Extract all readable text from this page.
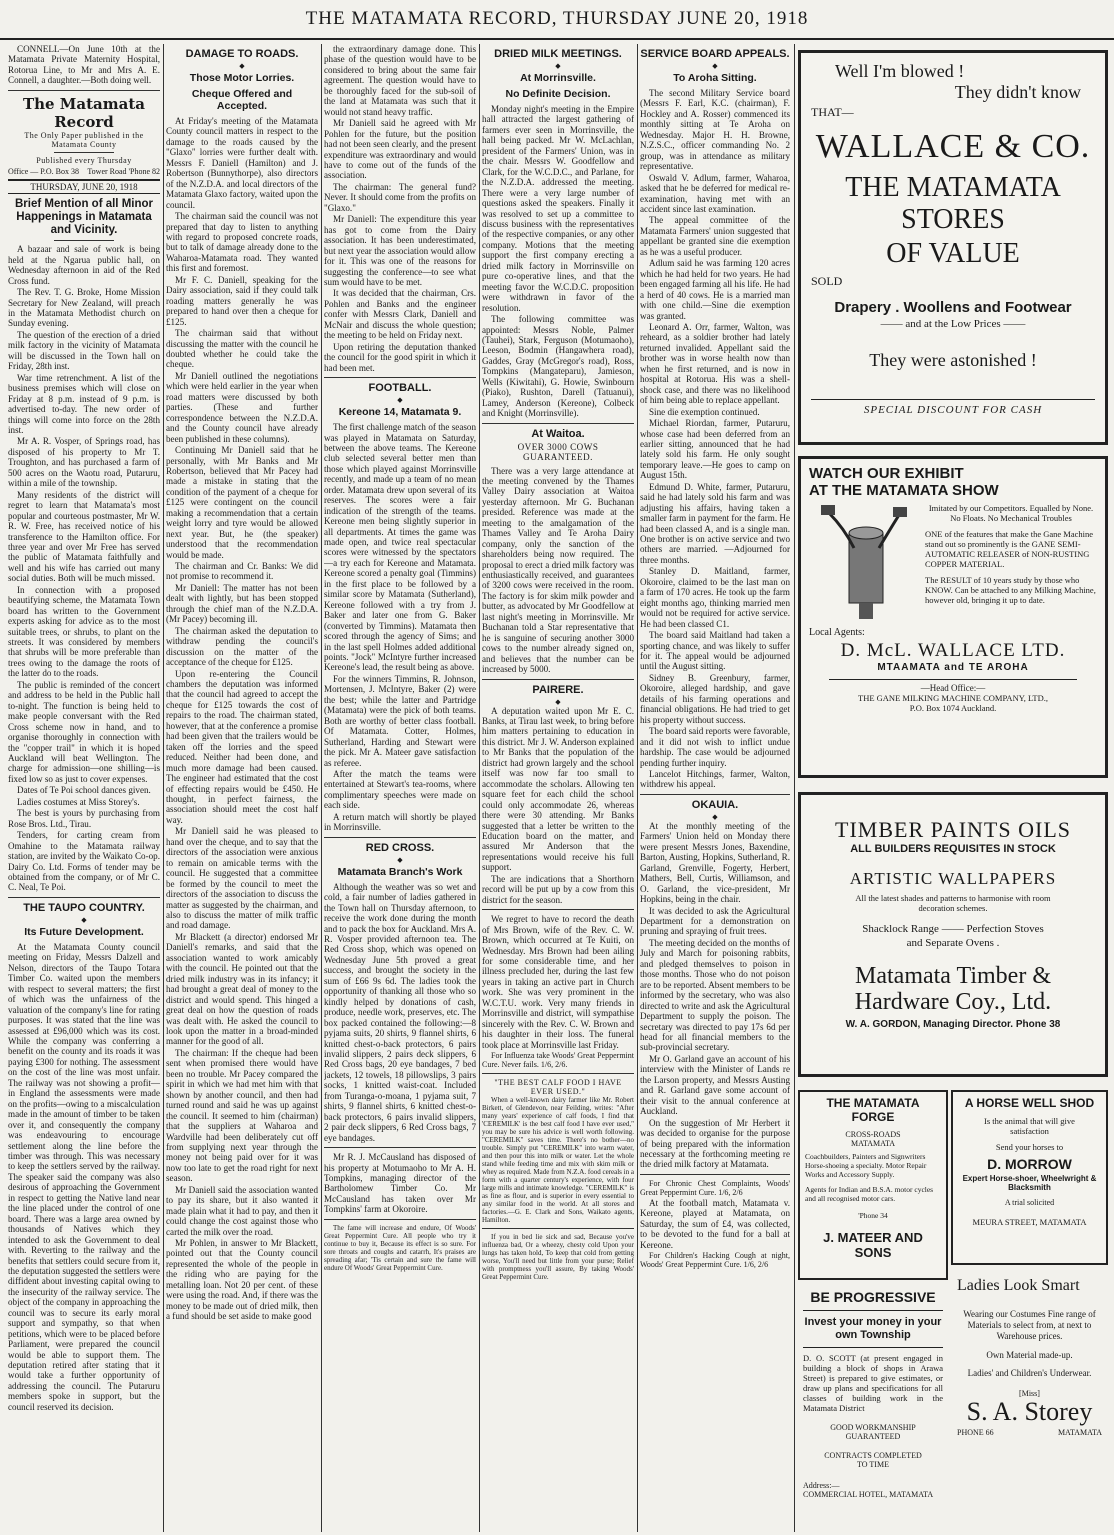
THE MATAMATA RECORD, THURSDAY JUNE 20, 1918

CONNELL—On June 10th at the Matamata Private Maternity Hospital, Rotorua Line, to Mr and Mrs A. E. Connell, a daughter.—Both doing well.

The Matamata Record
The Only Paper published in the Matamata County
Published every Thursday
Office — P.O. Box 38 Tower Road 'Phone 82
THURSDAY, JUNE 20, 1918
Brief Mention of all Minor Happenings in Matamata and Vicinity.

A bazaar and sale of work is being held at the Ngarua public hall, on Wednesday afternoon in aid of the Red Cross fund.

The Rev. T. G. Broke, Home Mission Secretary for New Zealand, will preach in the Matamata Methodist church on Sunday evening.

The question of the erection of a dried milk factory in the vicinity of Matamata will be discussed in the Town hall on Friday, 28th inst.

War time retrenchment. A list of the business premises which will close on Friday at 8 p.m. instead of 9 p.m. is advertised to-day. The new order of things will come into force on the 28th inst.

Mr A. R. Vosper, of Springs road, has disposed of his property to Mr T. Troughton, and has purchased a farm of 500 acres on the Waotu road, Putaruru, within a mile of the township.

Many residents of the district will regret to learn that Matamata's most popular and courteous postmaster, Mr W. R. W. Free, has received notice of his transference to the Hamilton office. For three year and over Mr Free has served the public of Matamata faithfully and well and his wife has carried out many social duties. Both will be much missed.

In connection with a proposed beautifying scheme, the Matamata Town board has written to the Government experts asking for advice as to the most suitable trees, or shrubs, to plant on the streets. It was considered by members that shrubs will be more preferable than trees owing to the damage the roots of the latter do to the roads.

The public is reminded of the concert and address to be held in the Public hall to-night. The function is being held to make people conversant with the Red Cross scheme now in hand, and to organise thoroughly in connection with the "copper trail" in which it is hoped Auckland will beat Wellington. The charge for admission—one shilling—is fixed low so as just to cover expenses.

Dates of Te Poi school dances given.

Ladies costumes at Miss Storey's.

The best is yours by purchasing from Rose Bros. Ltd., Tirau.

Tenders, for carting cream from Omahine to the Matamata railway station, are invited by the Waikato Co-op. Dairy Co. Ltd. Forms of tender may be obtained from the company, or of Mr C. C. Neal, Te Poi.

THE TAUPO COUNTRY.
◆
Its Future Development.

At the Matamata County council meeting on Friday, Messrs Dalzell and Nelson, directors of the Taupo Totara Timber Co. waited upon the members with respect to several matters; the first of which was the unfairness of the valuation of the company's line for rating purposes. It was stated that the line was assessed at £96,000 which was its cost. While the company was conferring a benefit on the county and its roads it was paying £300 for nothing. The assessment on the cost of the line was most unfair. The railway was not showing a profit—in England the assessments were made on the profits—owing to a miscalculation made in the amount of timber to be taken over it, and consequently the company was endeavouring to encourage settlement along the line before the timber was through. This was necessary to keep the settlers served by the railway. The speaker said the company was also desirous of approaching the Government in respect to getting the Native land near the line placed under the control of one board. There was a large area owned by thousands of Natives which they intended to ask the Government to deal with. Reverting to the railway and the benefits that settlers could secure from it, the deputation suggested the settlers were diffident about investing capital owing to the insecurity of the railway service. The object of the company in approaching the council was to secure its early moral support and sympathy, so that when petitions, which were to be placed before Parliament, were prepared the council would be able to support them. The deputation retired after stating that it would take a further opportunity of addressing the council. The Putaruru members spoke in support, but the council reserved its decision.

DAMAGE TO ROADS.
◆
Those Motor Lorries.
Cheque Offered and Accepted.

At Friday's meeting of the Matamata County council matters in respect to the damage to the roads caused by the "Glaxo" lorries were further dealt with. Messrs F. Daniell (Hamilton) and J. Robertson (Bunnythorpe), also directors of the N.Z.D.A. and local directors of the Matamata Glaxo factory, waited upon the council.

The chairman said the council was not prepared that day to listen to anything with regard to proposed concrete roads, but to talk of damage already done to the Waharoa-Matamata road. They wanted this first and foremost.

Mr F. C. Daniell, speaking for the Dairy association, said if they could talk roading matters generally he was prepared to hand over then a cheque for £125.

The chairman said that without discussing the matter with the council he doubted whether he could take the cheque.

Mr Daniell outlined the negotiations which were held earlier in the year when road matters were discussed by both parties. (These and further correspondence between the N.Z.D.A. and the County council have already been published in these columns).

Continuing Mr Daniell said that he personally, with Mr Banks and Mr Robertson, believed that Mr Pacey had made a mistake in stating that the condition of the payment of a cheque for £125 were contingent on the council making a recommendation that a certain weight lorry and tyre would be allowed next year. But, he (the speaker) understood that the recommendation would be made.

The chairman and Cr. Banks: We did not promise to recommend it.

Mr Daniell: The matter has not been dealt with lightly, but has been stopped through the chief man of the N.Z.D.A. (Mr Pacey) becoming ill.

The chairman asked the deputation to withdraw pending the council's discussion on the matter of the acceptance of the cheque for £125.

Upon re-entering the Council chambers the deputation was informed that the council had agreed to accept the cheque for £125 towards the cost of repairs to the road. The chairman stated, however, that at the conference a promise had been given that the trailers would be taken off the lorries and the speed reduced. Neither had been done, and much more damage had been caused. The engineer had estimated that the cost of effecting repairs would be £450. He thought, in perfect fairness, the association should meet the cost half way.

Mr Daniell said he was pleased to hand over the cheque, and to say that the directors of the association were anxious to remain on amicable terms with the council. He suggested that a committee be formed by the council to meet the directors of the association to discuss the matter as suggested by the chairman, and also to discuss the matter of milk traffic and road damage.

Mr Blackett (a director) endorsed Mr Daniell's remarks, and said that the association wanted to work amicably with the council. He pointed out that the dried milk industry was in its infancy; it had brought a great deal of money to the district and would spend. This hinged a great deal on how the question of roads was dealt with. He asked the council to look upon the matter in a broad-minded manner for the good of all.

The chairman: If the cheque had been sent when promised there would have been no trouble. Mr Pacey compared the spirit in which we had met him with that shown by another council, and then had turned round and said he was up against the council. It seemed to him (chairman) that the suppliers at Waharoa and Wardville had been deliberately cut off from supplying next year through the money not being paid over for it was now too late to get the road right for next season.

Mr Daniell said the association wanted to pay its share, but it also wanted it made plain what it had to pay, and then it could change the cost against those who carted the milk over the road.

Mr Pohlen, in answer to Mr Blackett, pointed out that the County council represented the whole of the people in the riding who are paying for the metalling loan. Not 20 per cent. of these were using the road. And, if there was the money to be made out of dried milk, then a fund should be set aside to make good

the extraordinary damage done. This phase of the question would have to be considered to bring about the same fair agreement. The question would have to be thoroughly faced for the sub-soil of the land at Matamata was such that it would not stand heavy traffic.

Mr Daniell said he agreed with Mr Pohlen for the future, but the position had not been seen clearly, and the present expenditure was extraordinary and would have to come out of the funds of the association.

The chairman: The general fund? Never. It should come from the profits on "Glaxo."

Mr Daniell: The expenditure this year has got to come from the Dairy association. It has been underestimated, but next year the association would allow for it. This was one of the reasons for suggesting the conference—to see what sum would have to be met.

It was decided that the chairman, Crs. Pohlen and Banks and the engineer confer with Messrs Clark, Daniell and McNair and discuss the whole question; the meeting to be held on Friday next.

Upon retiring the deputation thanked the council for the good spirit in which it had been met.

FOOTBALL.
◆
Kereone 14, Matamata 9.

The first challenge match of the season was played in Matamata on Saturday, between the above teams. The Kereone club selected several better men than those which played against Morrinsville recently, and made up a team of no mean order. Matamata drew upon several of its reserves. The scores were a fair indication of the strength of the teams. Kereone men being slightly superior in all departments. At times the game was made open, and twice real spectacular scores were witnessed by the spectators—a try each for Kereone and Matamata. Kereone scored a penalty goal (Timmins) in the first place to be followed by a similar score by Matamata (Sutherland), Kereone followed with a try from J. Baker and later one from G. Baker (converted by Timmins). Matamata then scored through the agency of Sims; and in the last spell Holmes added additional points. "Jock" McIntyre further increased Kereone's lead, the result being as above.

For the winners Timmins, R. Johnson, Mortensen, J. McIntyre, Baker (2) were the best; while the latter and Partridge (Matamata) were the pick of both teams. Both are worthy of better class football. Of Matamata. Cotter, Holmes, Sutherland, Harding and Stewart were the pick. Mr A. Mateer gave satisfaction as referee.

After the match the teams were entertained at Stewart's tea-rooms, where complimentary speeches were made on each side.

A return match will shortly be played in Morrinsville.

RED CROSS.
◆
Matamata Branch's Work

Although the weather was so wet and cold, a fair number of ladies gathered in the Town hall on Thursday afternoon, to receive the work done during the month and to pack the box for Auckland. Mrs A. R. Vosper provided afternoon tea. The Red Cross shop, which was opened on Wednesday June 5th proved a great success, and brought the society in the sum of £66 9s 6d. The ladies took the opportunity of thanking all those who so kindly helped by donations of cash, produce, needle work, preserves, etc. The box packed contained the following:—8 pyjama suits, 20 shirts, 9 flannel shirts, 6 knitted chest-o-back protectors, 6 pairs invalid slippers, 2 pairs deck slippers, 6 Red Cross bags, 20 eye bandages, 7 bed jackets, 12 towels, 18 pillowslips, 3 pairs socks, 1 knitted waist-coat. Included from Turanga-o-moana, 1 pyjama suit, 7 shirts, 9 flannel shirts, 6 knitted chest-o-back protectors, 6 pairs invalid slippers, 2 pair deck slippers, 6 Red Cross bags, 7 eye bandages.

Mr R. J. McCausland has disposed of his property at Motumaoho to Mr A. H. Tompkins, managing director of the Bartholomew Timber Co. Mr McCausland has taken over Mr Tompkins' farm at Okoroire.

The fame will increase and endure, Of Woods' Great Peppermint Cure. All people who try it continue to buy it, Because its effect is so sure. For sore throats and coughs and catarrh, It's praises are spreading afar; 'Tis certain and sure the fame will endure Of Woods' Great Peppermint Cure.

DRIED MILK MEETINGS.
◆
At Morrinsville.
No Definite Decision.

Monday night's meeting in the Empire hall attracted the largest gathering of farmers ever seen in Morrinsville, the hall being packed. Mr W. McLachlan, president of the Farmers' Union, was in the chair. Messrs W. Goodfellow and Clark, for the W.C.D.C., and Parlane, for the N.Z.D.A. addressed the meeting. There were a very large number of questions asked the speakers. Finally it was resolved to set up a committee to discuss business with the representatives of the respective companies, or any other company. Motions that the meeting support the first company erecting a dried milk factory in Morrinsville on pure co-operative lines, and that the meeting favor the W.C.D.C. proposition were withdrawn in favor of the resolution.

The following committee was appointed: Messrs Noble, Palmer (Tauhei), Stark, Ferguson (Motumaoho), Leeson, Bodmin (Hangawhera road), Gaddes, Gray (McGregor's road), Ross, Tompkins (Mangateparu), Jamieson, Wells (Kiwitahi), G. Howie, Swinbourn (Piako), Rushton, Darell (Tatuanui), Lamey, Anderson (Kereone), Colbeck and Knight (Morrinsville).

At Waitoa.
OVER 3000 COWS GUARANTEED.

There was a very large attendance at the meeting convened by the Thames Valley Dairy association at Waitoa yesterday afternoon. Mr G. Buchanan presided. Reference was made at the meeting to the amalgamation of the Thames Valley and Te Aroha Dairy company, only the sanction of the shareholders being now required. The proposal to erect a dried milk factory was enthusiastically received, and guarantees of 3200 cows were received in the room. The factory is for skim milk powder and butter, as advocated by Mr Goodfellow at last night's meeting in Morrinsville. Mr Buchanan told a Star representative that he is sanguine of securing another 3000 cows to the number already signed on, and believes that the number can be increased by 5000.

PAIRERE.
◆

A deputation waited upon Mr E. C. Banks, at Tirau last week, to bring before him matters pertaining to education in this district. Mr J. W. Anderson explained to Mr Banks that the population of the district had grown largely and the school itself was now far too small to accommodate the scholars. Allowing ten square feet for each child the school could only accommodate 26, whereas there were 30 attending. Mr Banks suggested that a letter be written to the Education board on the matter, and assured Mr Anderson that the representations would receive his full support.

The are indications that a Shorthorn record will be put up by a cow from this district for the season.

We regret to have to record the death of Mrs Brown, wife of the Rev. C. W. Brown, which occurred at Te Kuiti, on Wednesday. Mrs Brown had been ailing for some considerable time, and her illness precluded her, during the last few years in taking an active part in Church work. She was very prominent in the W.C.T.U. work. Very many friends in Morrinsville and district, will sympathise sincerely with the Rev. C. W. Brown and his daughter in their loss. The funeral took place at Morrinsville last Friday.

For Influenza take Woods' Great Peppermint Cure. Never fails. 1/6, 2/6.

"THE BEST CALF FOOD I HAVE EVER USED."

When a well-known dairy farmer like Mr. Robert Birkett, of Glendevon, near Feilding, writes: "After many years' experience of calf foods, I find that 'CEREMILK' is the best calf food I have ever used," you may be sure his advice is well worth following. "CEREMILK" saves time. There's no bother—no trouble. Simply put "CEREMILK" into warm water, and then pour this into milk or water. Let the whole stand while feeding time and mix with skim milk or whey as required. Made from N.Z.A. food cereals in a form with a quarter century's experience, with four large mills and intimate knowledge. "CEREMILK" is as fine as flour, and is superior in every essential to any similar food in the world. At all stores and factories.—G. E. Clark and Sons, Waikato agents, Hamilton.

If you in bed lie sick and sad, Because you've influenza bad, Or a wheezy, chesty cold Upon your lungs has taken hold, To keep that cold from getting worse, You'll need but little from your purse; Relief with promptness you'll assure, By taking Woods' Great Peppermint Cure.

SERVICE BOARD APPEALS.
◆
To Aroha Sitting.

The second Military Service board (Messrs F. Earl, K.C. (chairman), F. Hockley and A. Rosser) commenced its monthly sitting at Te Aroha on Wednesday. Major H. H. Browne, N.Z.S.C., officer commanding No. 2 group, was in attendance as military representative.

Oswald V. Adlum, farmer, Waharoa, asked that he be deferred for medical re-examination, having met with an accident since last examination.

The appeal committee of the Matamata Farmers' union suggested that appellant be granted sine die exemption as he was a useful producer.

Adlum said he was farming 120 acres which he had held for two years. He had been engaged farming all his life. He had a herd of 40 cows. He is a married man with one child.—Sine die exemption was granted.

Leonard A. Orr, farmer, Walton, was reheard, as a soldier brother had lately returned invalided. Appellant said the brother was in worse health now than when he first returned, and is now in hospital at Rotorua. His was a shell-shock case, and there was no likelihood of him being able to replace appellant.

Sine die exemption continued.

Michael Riordan, farmer, Putaruru, whose case had been deferred from an earlier sitting, announced that he had lately sold his farm. He only sought temporary leave.—He goes to camp on August 15th.

Edmund D. White, farmer, Putaruru, said he had lately sold his farm and was adjusting his affairs, having taken a smaller farm in payment for the farm. He had been classed A, and is a single man. One brother is on active service and two others are married. —Adjourned for three months.

Stanley D. Maitland, farmer, Okoroire, claimed to be the last man on a farm of 170 acres. He took up the farm eight months ago, thinking married men would not be required for active service. He had been classed C1.

The board said Maitland had taken a sporting chance, and was likely to suffer for it. The appeal would be adjourned until the August sitting.

Sidney B. Greenbury, farmer, Okoroire, alleged hardship, and gave details of his farming operations and financial obligations. He had tried to get his property without success.

The board said reports were favorable, and it did not wish to inflict undue hardship. The case would be adjourned pending further inquiry.

Lancelot Hitchings, farmer, Walton, withdrew his appeal.

OKAUIA.
◆

At the monthly meeting of the Farmers' Union held on Monday there were present Messrs Jones, Baxendine, Barton, Austing, Hopkins, Sutherland, R. Garland, Grenville, Fogerty, Herbert, Mathers, Bell, Curtis, Williamson, and O. Garland, the vice-president, Mr Hopkins, being in the chair.

It was decided to ask the Agricultural Department for a demonstration on pruning and spraying of fruit trees.

The meeting decided on the months of July and March for poisoning rabbits, and pledged themselves to poison in those months. Those who do not poison are to be reported. Absent members to be informed by the secretary, who was also directed to write and ask the Agricultural Department to supply the poison. The secretary was directed to pay 17s 6d per head for all financial members to the sub-provincial secretary.

Mr O. Garland gave an account of his interview with the Minister of Lands re the Larson property, and Messrs Austing and R. Garland gave some account of their visit to the annual conference at Auckland.

On the suggestion of Mr Herbert it was decided to organise for the purpose of being prepared with the information necessary at the forthcoming meeting re the dried milk factory at Matamata.

For Chronic Chest Complaints, Woods' Great Peppermint Cure. 1/6, 2/6

At the football match, Matamata v. Kereone, played at Matamata, on Saturday, the sum of £4, was collected, to be devoted to the fund for a ball at Kereone.

For Children's Hacking Cough at night, Woods' Great Peppermint Cure. 1/6, 2/6

Well I'm blowed !
They didn't know
THAT—
WALLACE & CO.
THE MATAMATA STORES
OF VALUE
SOLD
Drapery . Woollens and Footwear
—— and at the Low Prices ——
They were astonished !
SPECIAL DISCOUNT FOR CASH
WATCH OUR EXHIBIT
AT THE MATAMATA SHOW
Imitated by our Competitors. Equalled by None. No Floats. No Mechanical Troubles
ONE of the features that make the Gane Machine stand out so prominently is the GANE SEMI-AUTOMATIC RELEASER of NON-RUSTING COPPER MATERIAL.
The RESULT of 10 years study by those who KNOW. Can be attached to any Milking Machine, however old, bringing it up to date.
Local Agents:
D. McL. WALLACE LTD.
MTAAMATA and TE AROHA
—Head Office:—
THE GANE MILKING MACHINE COMPANY, LTD.,
P.O. Box 1074 Auckland.
TIMBER PAINTS OILS
ALL BUILDERS REQUISITES IN STOCK
ARTISTIC WALLPAPERS
All the latest shades and patterns to harmonise with room decoration schemes.
Shacklock Range —— Perfection Stoves
and Separate Ovens .
Matamata Timber &
Hardware Coy., Ltd.
W. A. GORDON, Managing Director. Phone 38
THE MATAMATA FORGE
CROSS-ROADS MATAMATA
Coachbuilders, Painters and Signwriters Horse-shoeing a specialty. Motor Repair Works and Accessory Supply.
Agents for Indian and B.S.A. motor cycles and all recognised motor cars.
'Phone 34
J. MATEER AND SONS
A HORSE WELL SHOD
Is the animal that will give satisfaction
Send your horses to
D. MORROW
Expert Horse-shoer, Wheelwright & Blacksmith
A trial solicited
MEURA STREET, MATAMATA
BE PROGRESSIVE
Invest your money in your own Township
D. O. SCOTT (at present engaged in building a block of shops in Arawa Street) is prepared to give estimates, or draw up plans and specifications for all classes of building work in the Matamata District
GOOD WORKMANSHIP GUARANTEED
CONTRACTS COMPLETED TO TIME
Address:—
COMMERCIAL HOTEL, MATAMATA
Ladies Look Smart
Wearing our Costumes Fine range of Materials to select from, at next to Warehouse prices.
Own Material made-up.
Ladies' and Children's Underwear.
[Miss]
S. A. Storey
PHONE 66	MATAMATA
